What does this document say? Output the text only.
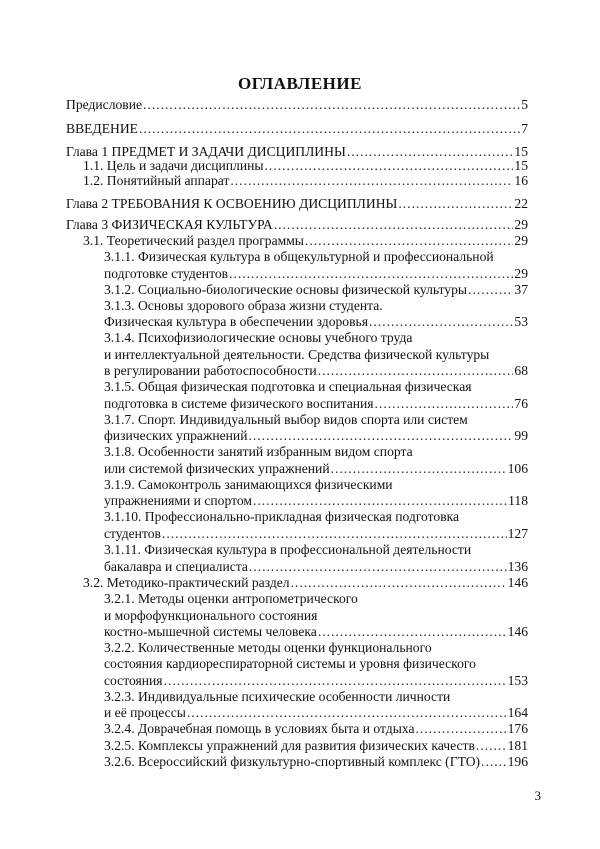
ОГЛАВЛЕНИЕ
Предисловие .....	5
ВВЕДЕНИЕ .....	7
Глава 1 ПРЕДМЕТ И ЗАДАЧИ ДИСЦИПЛИНЫ .....	15
1.1. Цель и задачи дисциплины .....	15
1.2. Понятийный аппарат .....	16
Глава 2 ТРЕБОВАНИЯ К ОСВОЕНИЮ ДИСЦИПЛИНЫ .....	22
Глава 3 ФИЗИЧЕСКАЯ КУЛЬТУРА .....	29
3.1. Теоретический раздел программы .....	29
3.1.1. Физическая культура в общекультурной и профессиональной
подготовке студентов .....	29
3.1.2. Социально-биологические основы физической культуры .....	37
3.1.3. Основы здорового образа жизни студента.
Физическая культура в обеспечении здоровья .....	53
3.1.4. Психофизиологические основы учебного труда
и интеллектуальной деятельности. Средства физической культуры
в регулировании работоспособности .....	68
3.1.5. Общая физическая подготовка и специальная физическая
подготовка в системе физического воспитания .....	76
3.1.7. Спорт. Индивидуальный выбор видов спорта или систем
физических упражнений .....	99
3.1.8. Особенности занятий избранным видом спорта
или системой физических упражнений .....	106
3.1.9. Самоконтроль занимающихся физическими
упражнениями и спортом .....	118
3.1.10. Профессионально-прикладная физическая подготовка
студентов .....	127
3.1.11. Физическая культура в профессиональной деятельности
бакалавра и специалиста .....	136
3.2. Методико-практический раздел .....	146
3.2.1. Методы оценки антропометрического
и морфофункционального состояния
костно-мышечной системы человека .....	146
3.2.2. Количественные методы оценки функционального
состояния кардиореспираторной системы и уровня физического
состояния .....	153
3.2.3. Индивидуальные психические особенности личности
и её процессы .....	164
3.2.4. Доврачебная помощь в условиях быта и отдыха .....	176
3.2.5. Комплексы упражнений для развития физических качеств ..... 181
3.2.6. Всероссийский физкультурно-спортивный комплекс (ГТО) ..... 196
3
